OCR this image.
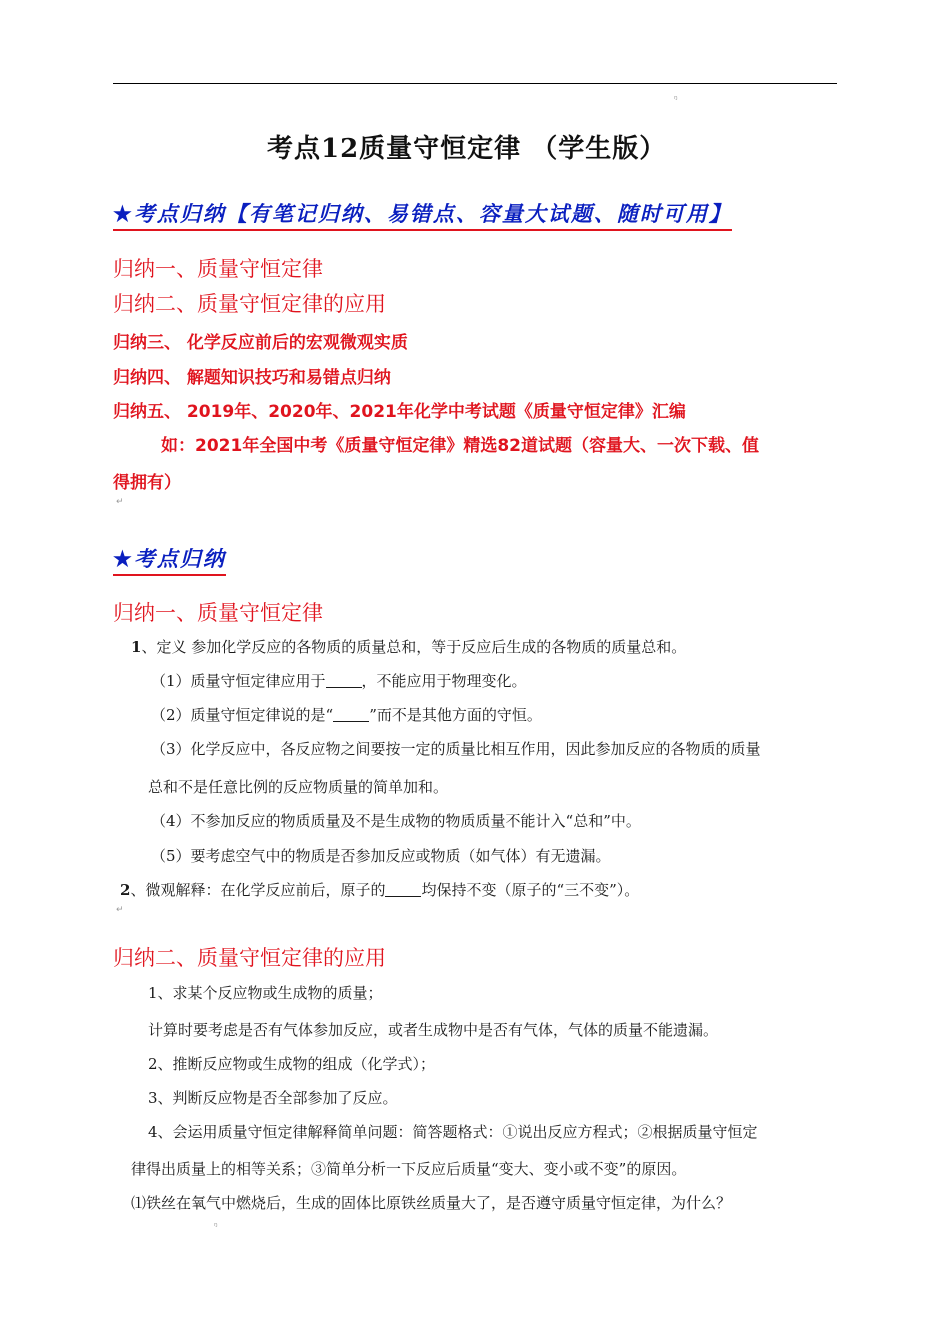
ᵑ
考点12质量守恒定律 （学生版）
★考点归纳【有笔记归纳、易错点、容量大试题、随时可用】
归纳一、质量守恒定律
归纳二、质量守恒定律的应用
归纳三、 化学反应前后的宏观微观实质
归纳四、 解题知识技巧和易错点归纳
归纳五、 2019年、2020年、2021年化学中考试题《质量守恒定律》汇编
如：2021年全国中考《质量守恒定律》精选82道试题（容量大、一次下载、值
得拥有）
↵
★考点归纳
归纳一、质量守恒定律
1、定义 参加化学反应的各物质的质量总和，等于反应后生成的各物质的质量总和。
（1）质量守恒定律应用于 ，不能应用于物理变化。
（2）质量守恒定律说的是“ ”而不是其他方面的守恒。
（3）化学反应中，各反应物之间要按一定的质量比相互作用，因此参加反应的各物质的质量
总和不是任意比例的反应物质量的简单加和。
（4）不参加反应的物质质量及不是生成物的物质质量不能计入“总和”中。
（5）要考虑空气中的物质是否参加反应或物质（如气体）有无遗漏。
2、微观解释：在化学反应前后，原子的 均保持不变（原子的“三不变”）。
↵
归纳二、质量守恒定律的应用
1、求某个反应物或生成物的质量；
计算时要考虑是否有气体参加反应，或者生成物中是否有气体，气体的质量不能遗漏。
2、推断反应物或生成物的组成（化学式）；
3、判断反应物是否全部参加了反应。
4、会运用质量守恒定律解释简单问题：简答题格式：①说出反应方程式；②根据质量守恒定
律得出质量上的相等关系；③简单分析一下反应后质量“变大、变小或不变”的原因。
⑴铁丝在氧气中燃烧后，生成的固体比原铁丝质量大了，是否遵守质量守恒定律，为什么？
ᵑ
